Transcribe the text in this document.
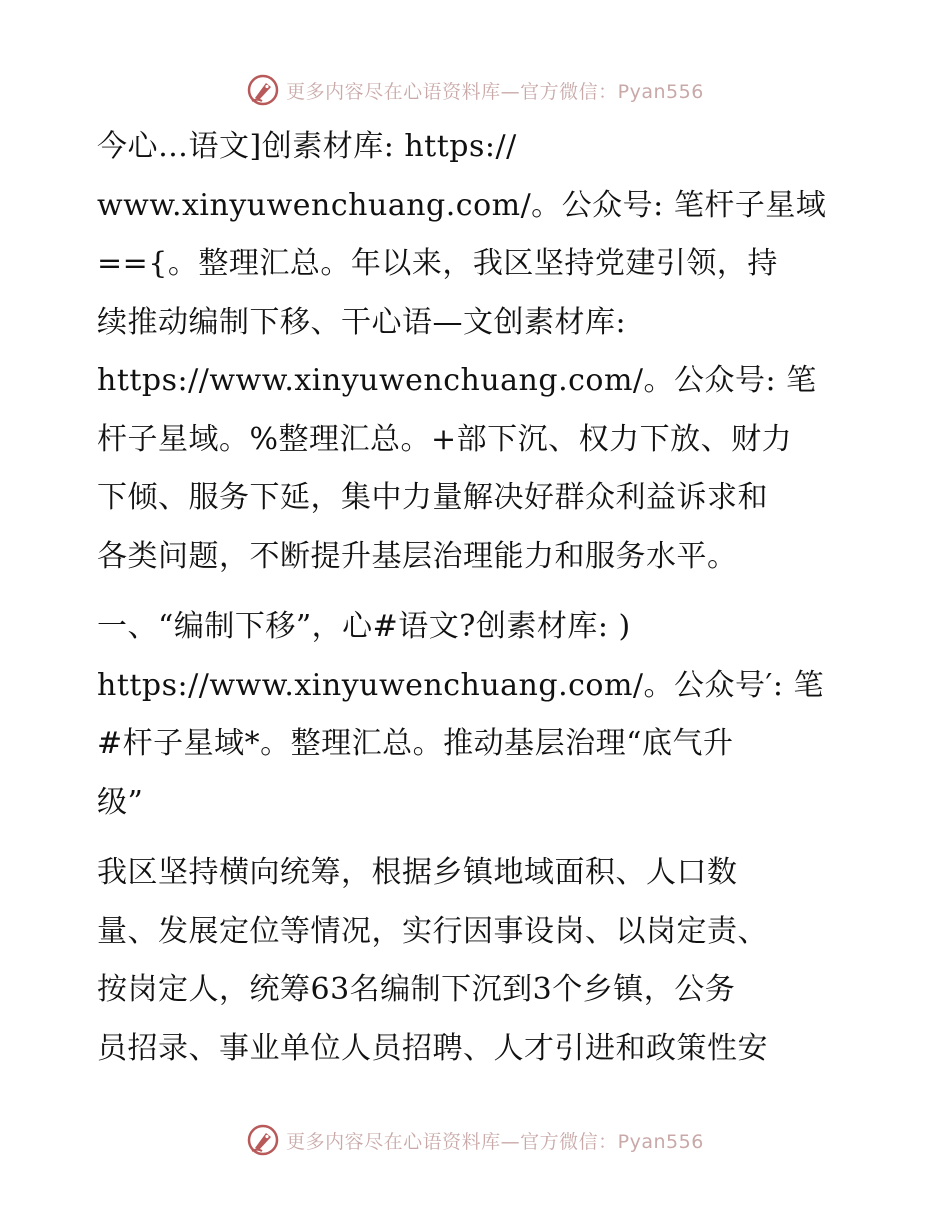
更多内容尽在心语资料库—官方微信：Pyan556

今心…语文]创素材库: https://
www.xinyuwenchuang.com/。公众号: 笔杆子星域
=={。整理汇总。年以来，我区坚持党建引领，持
续推动编制下移、干心语—文创素材库:
https://www.xinyuwenchuang.com/。公众号: 笔
杆子星域。%整理汇总。+部下沉、权力下放、财力
下倾、服务下延，集中力量解决好群众利益诉求和
各类问题，不断提升基层治理能力和服务水平。

一、“编制下移”，心#语文?创素材库: )
https://www.xinyuwenchuang.com/。公众号′: 笔
#杆子星域*。整理汇总。推动基层治理“底气升
级”

我区坚持横向统筹，根据乡镇地域面积、人口数
量、发展定位等情况，实行因事设岗、以岗定责、
按岗定人，统筹63名编制下沉到3个乡镇，公务
员招录、事业单位人员招聘、人才引进和政策性安

更多内容尽在心语资料库—官方微信：Pyan556
